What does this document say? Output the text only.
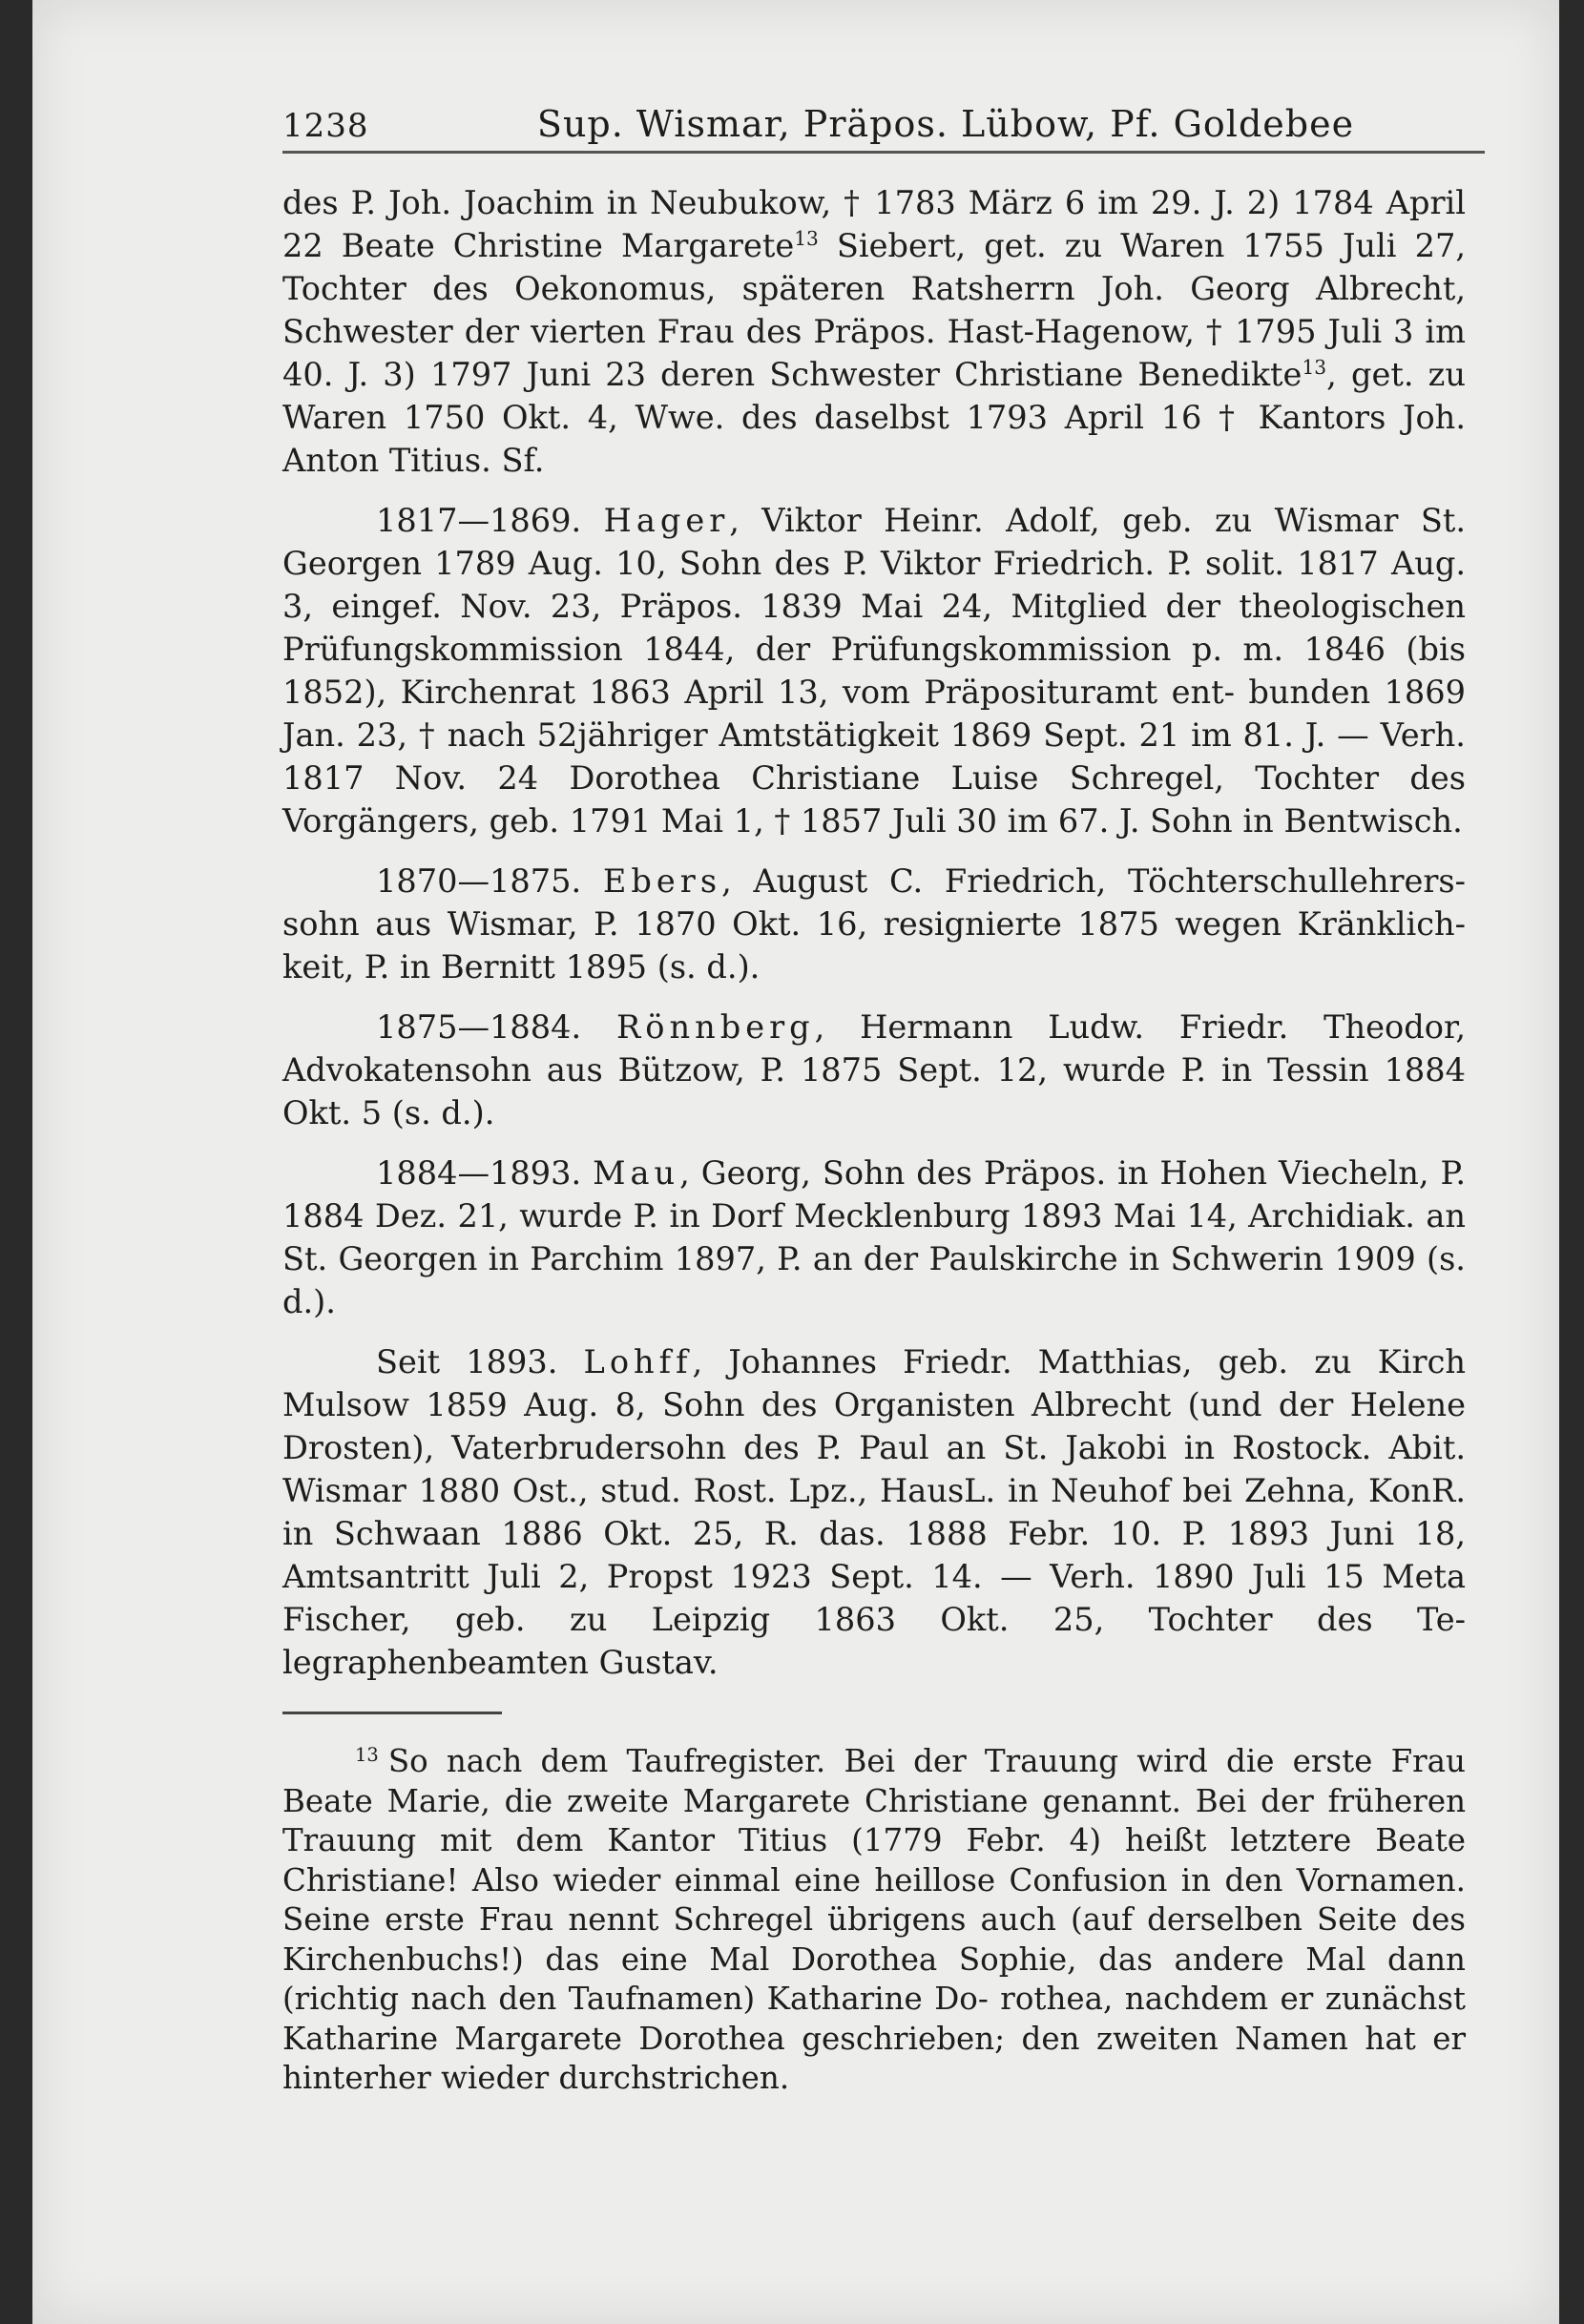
1238	Sup. Wismar, Präpos. Lübow, Pf. Goldebee

des P. Joh. Joachim in Neubukow, † 1783 März 6 im 29. J. 2) 1784 April 22 Beate Christine Margarete$^{13}$ Siebert, get. zu Waren 1755 Juli 27, Tochter des Oekonomus, späteren Ratsherrn Joh. Georg Albrecht, Schwester der vierten Frau des Präpos. Hast-Hagenow, † 1795 Juli 3 im 40. J. 3) 1797 Juni 23 deren Schwester Christiane Benedikte$^{13}$, get. zu Waren 1750 Okt. 4, Wwe. des daselbst 1793 April 16 † Kantors Joh. Anton Titius. Sf.

1817—1869. Hager, Viktor Heinr. Adolf, geb. zu Wismar St. Georgen 1789 Aug. 10, Sohn des P. Viktor Friedrich. P. solit. 1817 Aug. 3, eingef. Nov. 23, Präpos. 1839 Mai 24, Mitglied der theologischen Prüfungskommission 1844, der Prüfungskommission p. m. 1846 (bis 1852), Kirchenrat 1863 April 13, vom Präposituramt ent- bunden 1869 Jan. 23, † nach 52jähriger Amtstätigkeit 1869 Sept. 21 im 81. J. — Verh. 1817 Nov. 24 Dorothea Christiane Luise Schregel, Tochter des Vorgängers, geb. 1791 Mai 1, † 1857 Juli 30 im 67. J. Sohn in Bentwisch.

1870—1875. Ebers, August C. Friedrich, Töchterschullehrers- sohn aus Wismar, P. 1870 Okt. 16, resignierte 1875 wegen Kränklich- keit, P. in Bernitt 1895 (s. d.).

1875—1884. Rönnberg, Hermann Ludw. Friedr. Theodor, Advokatensohn aus Bützow, P. 1875 Sept. 12, wurde P. in Tessin 1884 Okt. 5 (s. d.).

1884—1893. Mau, Georg, Sohn des Präpos. in Hohen Viecheln, P. 1884 Dez. 21, wurde P. in Dorf Mecklenburg 1893 Mai 14, Archidiak. an St. Georgen in Parchim 1897, P. an der Paulskirche in Schwerin 1909 (s. d.).

Seit 1893. Lohff, Johannes Friedr. Matthias, geb. zu Kirch Mulsow 1859 Aug. 8, Sohn des Organisten Albrecht (und der Helene Drosten), Vaterbrudersohn des P. Paul an St. Jakobi in Rostock. Abit. Wismar 1880 Ost., stud. Rost. Lpz., HausL. in Neuhof bei Zehna, KonR. in Schwaan 1886 Okt. 25, R. das. 1888 Febr. 10. P. 1893 Juni 18, Amtsantritt Juli 2, Propst 1923 Sept. 14. — Verh. 1890 Juli 15 Meta Fischer, geb. zu Leipzig 1863 Okt. 25, Tochter des Te- legraphenbeamten Gustav.

$^{13}$ So nach dem Taufregister. Bei der Trauung wird die erste Frau Beate Marie, die zweite Margarete Christiane genannt. Bei der früheren Trauung mit dem Kantor Titius (1779 Febr. 4) heißt letztere Beate Christiane! Also wieder einmal eine heillose Confusion in den Vornamen. Seine erste Frau nennt Schregel übrigens auch (auf derselben Seite des Kirchenbuchs!) das eine Mal Dorothea Sophie, das andere Mal dann (richtig nach den Taufnamen) Katharine Do- rothea, nachdem er zunächst Katharine Margarete Dorothea geschrieben; den zweiten Namen hat er hinterher wieder durchstrichen.
